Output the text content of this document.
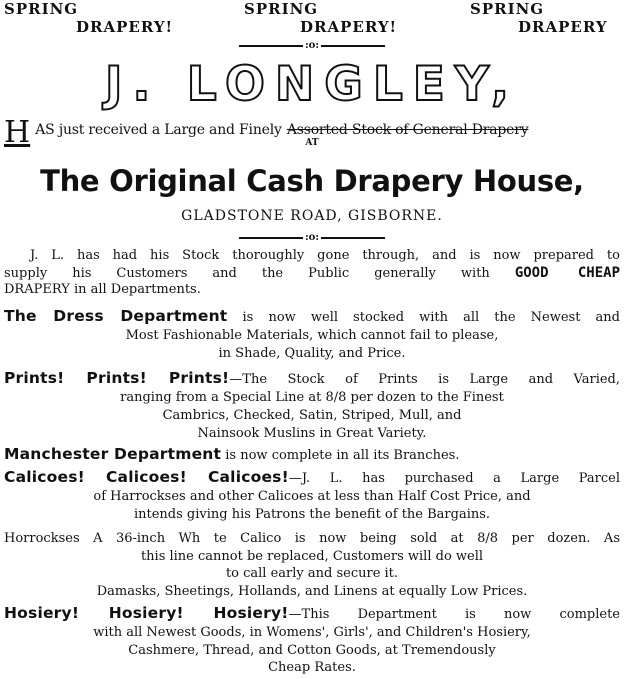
SPRING
DRAPERY!
SPRING
DRAPERY!
SPRING
DRAPERY
:o:
J. LONGLEY,
H AS just received a Large and Finely Assorted Stock of General Drapery
AT
The Original Cash Drapery House,
GLADSTONE ROAD, GISBORNE.
:o:
J. L. has had his Stock thoroughly gone through, and is now prepared to
supply his Customers and the Public generally with GOOD CHEAP
DRAPERY in all Departments.
The Dress Department is now well stocked with all the Newest and
Most Fashionable Materials, which cannot fail to please,
in Shade, Quality, and Price.
Prints! Prints! Prints!—The Stock of Prints is Large and Varied,
ranging from a Special Line at 8/8 per dozen to the Finest
Cambrics, Checked, Satin, Striped, Mull, and
Nainsook Muslins in Great Variety.
Manchester Department is now complete in all its Branches.
Calicoes! Calicoes! Calicoes!—J. L. has purchased a Large Parcel
of Harrockses and other Calicoes at less than Half Cost Price, and
intends giving his Patrons the benefit of the Bargains.
Horrockses A 36-inch Wh te Calico is now being sold at 8/8 per dozen. As
this line cannot be replaced, Customers will do well
to call early and secure it.
Damasks, Sheetings, Hollands, and Linens at equally Low Prices.
Hosiery! Hosiery! Hosiery!—This Department is now complete
with all Newest Goods, in Womens', Girls', and Children's Hosiery,
Cashmere, Thread, and Cotton Goods, at Tremendously
Cheap Rates.
